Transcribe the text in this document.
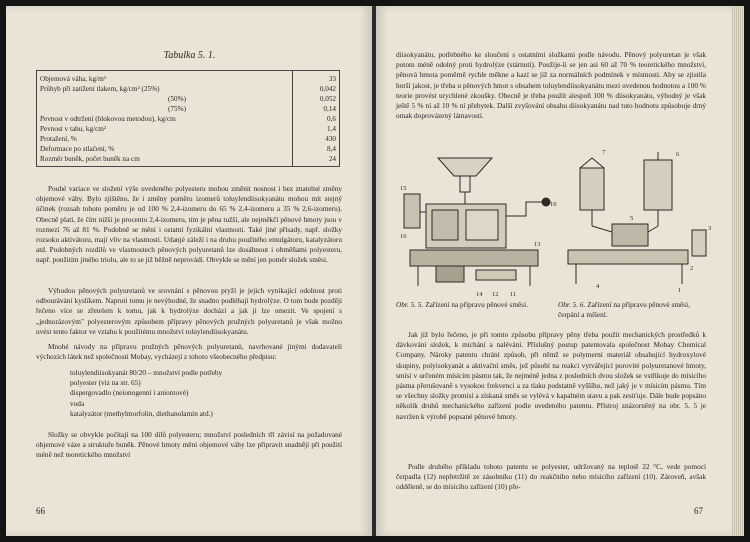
Tabulka 5. 1.
Objemová váha, kg/m³	33
Průhyb při zatížení tlakem, kg/cm² (25%)	0,042
(50%)	0,052
(75%)	0,14
Pevnost v odtržení (blokovou metodou), kg/cm	0,6
Pevnost v tahu, kg/cm²	1,4
Protažení, %	430
Deformace po stlačení, %	8,4
Rozměr buněk, počet buněk na cm	24

Pouhé variace ve složení výše uvedeného polyesteru mohou změnit nosnost i bez znatelné změny objemové váhy. Bylo zjištěno, že i změny poměru izomerů toluylendiisokyanátu mohou mít stejný účinek (rozsah tohoto poměru je od 100 % 2,4-izomeru do 65 % 2,4-izomeru a 35 % 2,6-izomeru). Obecně platí, že čím nižší je procento 2,4-izomeru, tím je pěna tužší, ale nejměkčí pěnové hmoty jsou v rozmezí 76 až 81 %. Podobně se mění i ostatní fyzikální vlastnosti. Také jiné přísady, např. složky rozsoku aktivátoru, mají vliv na vlastnosti. Udanjé záleží i na druhu použitého emulgátoru, katalyzátoru atd. Podobných rozdílů ve vlastnostech pěnových polyuretanů lze dosáhnout i obměňami polyesteru, např. použitím jiného triolu, ale to se již běžně neprovádí. Obvykle se mění jen poměr složek směsi.

Výhodou pěnových polyuretanů ve srovnání s pěnovou pryží je jejich vynikající odolnost proti odbourávání kyslíkem. Naproti tomu je nevýhodné, že snadno podléhají hydrolýze. O tom bude později řečeno více se zřetelem k tomu, jak k hydrolýze dochází a jak ji lze omezit. Ve spojení s „jednorázovým" polyesterovým způsobem přípravy pěnových pružných polyuretanů je však možno uvést tento faktor ve vztahu k použitému množství toluylendiisokyanátu.

Mnohé návody na přípravu pružných pěnových polyuretanů, navrhované jinými dodavateli výchozích látek než společností Mobay, vycházejí z tohoto všeobecného předpisu:

toluylendiisokyanát 80/20 – množství podle potřeby
polyester (viz na str. 65)
dispergovadlo (neionogenní i aniontové)
voda
katalyzátor (methylmorfolin, diethanolamin atd.)

Složky se obvykle počítají na 100 dílů polyesteru; množství posledních tří závisí na požadované objemové váze a struktuře buněk. Pěnové hmoty mění objemové váhy lze připravit snadněji při použití méně než teoretického množství

66

diisokyanátu, potřebného ke sloučení s ostatními složkami podle návodu. Pěnový polyuretan je však potom méně odolný proti hydrolýze (stárnutí). Použije-li se jen asi 60 až 70 % teoretického množství, pěnová hmota poměrně rychle měkne a kazí se již za normálních podmínek v místnosti. Aby se zjistila horší jakost, je třeba u pěnových hmot s obsahem toluylendiisokyanátu mezi uvedenou hodnotou a 100 % teorie provést urychlené zkoušky. Obecně je třeba použít alespoň 100 % diisokyanátu, výhodný je však ještě 5 % ní až 10 % ní přebytek. Další zvyšování obsahu diisokyanátu nad tuto hodnotu způsobuje drný omak doprovázený lámavostí.

15
16
14 12 11
10
13
7	6
5
4
3
2
1
Obr. 5. 5. Zařízení na přípravu pěnové směsi.	Obr. 5. 6. Zařízení na přípravu pěnové směsi, čerpání a míšení.

Jak již bylo řečeno, je při tomto způsobu přípravy pěny třeba použít mechanických prostředků k dávkování složek, k míchání a nalévání. Příslušný postup patentovala společnost Mobay Chemical Company. Nároky patentu chrání způsob, při němž se polymerní materiál obsahující hydroxylové skupiny, polyisokyanát a aktivační směs, jež působí na reakci vytvářející porovité polyuretanové hmoty, smísí v určeném mísicím pásmu tak, že nejméně jedna z posledních dvou složek se vstřikuje do mísicího pásma přerušovaně s vysokou frekvencí a za tlaku podstatně vyššího, než jaký je v mísicím pásmu. Tím se všechny složky promísí a získaná směs se vylévá v kapalném stavu a pak zesiťuje. Dále bude popsáno několik druhů mechanického zařízení podle uvedeného patentu. Přístroj znázorněný na obr. 5. 5 je navržen k výrobě popsané pěnové hmoty.

Podle druhého příkladu tohoto patentu se polyester, udržovaný na teplotě 22 °C, vede pomocí čerpadla (12) nepřetržitě ze zásobníku (11) do reakčního nebo mísicího zařízení (10). Zároveň, avšak odděleně, se do mísicího zařízení (10) pře-

67
